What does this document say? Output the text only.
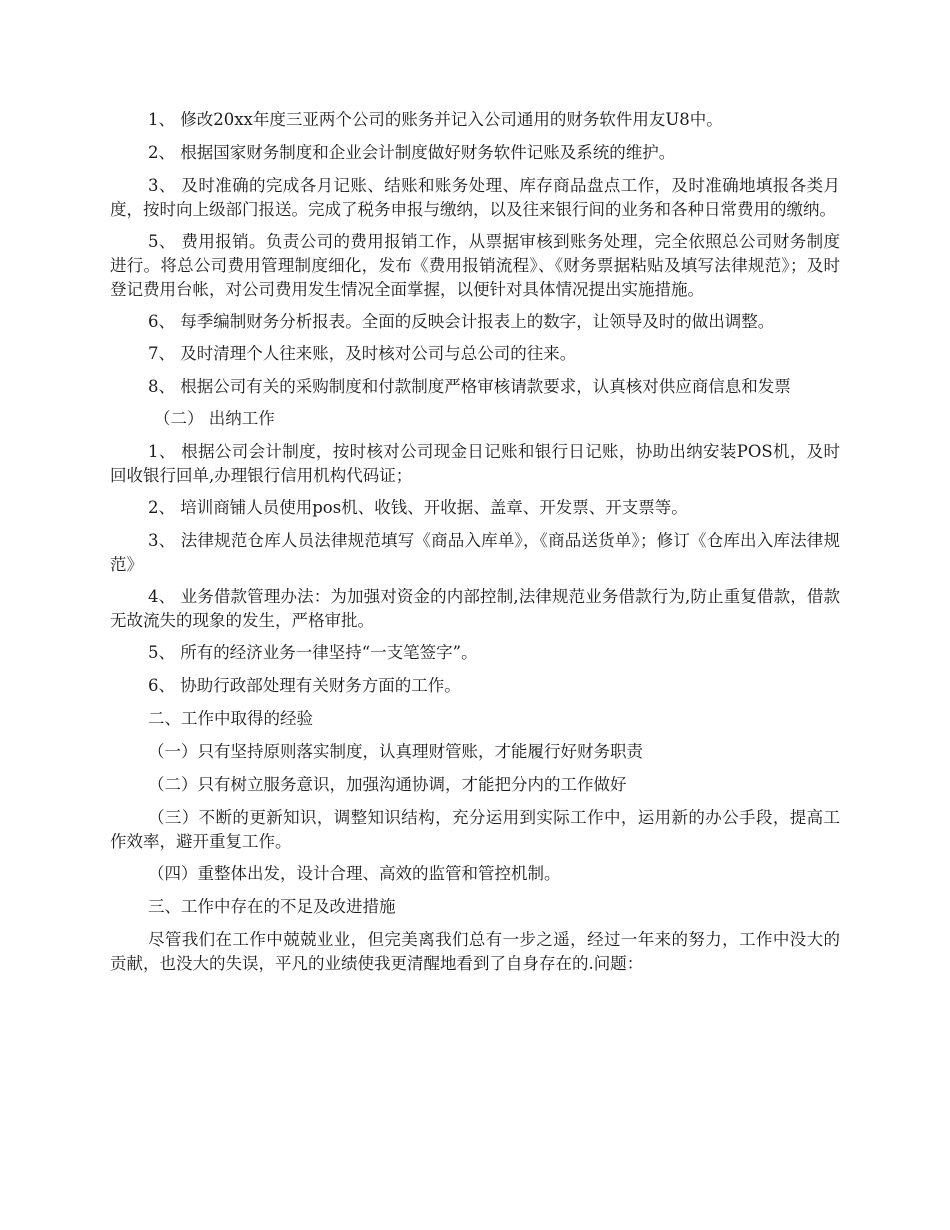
1、 修改20xx年度三亚两个公司的账务并记入公司通用的财务软件用友U8中。

2、 根据国家财务制度和企业会计制度做好财务软件记账及系统的维护。

3、 及时准确的完成各月记账、结账和账务处理、库存商品盘点工作，及时准确地填报各类月度，按时向上级部门报送。完成了税务申报与缴纳，以及往来银行间的业务和各种日常费用的缴纳。

5、 费用报销。负责公司的费用报销工作，从票据审核到账务处理，完全依照总公司财务制度进行。将总公司费用管理制度细化，发布《费用报销流程》、《财务票据粘贴及填写法律规范》；及时登记费用台帐，对公司费用发生情况全面掌握，以便针对具体情况提出实施措施。

6、 每季编制财务分析报表。全面的反映会计报表上的数字，让领导及时的做出调整。

7、 及时清理个人往来账，及时核对公司与总公司的往来。

8、 根据公司有关的采购制度和付款制度严格审核请款要求，认真核对供应商信息和发票

（二） 出纳工作

1、 根据公司会计制度，按时核对公司现金日记账和银行日记账，协助出纳安装POS机，及时回收银行回单,办理银行信用机构代码证；

2、 培训商铺人员使用pos机、收钱、开收据、盖章、开发票、开支票等。

3、 法律规范仓库人员法律规范填写《商品入库单》，《商品送货单》；修订《仓库出入库法律规范》

4、 业务借款管理办法：为加强对资金的内部控制,法律规范业务借款行为,防止重复借款，借款无故流失的现象的发生，严格审批。

5、 所有的经济业务一律坚持“一支笔签字”。

6、 协助行政部处理有关财务方面的工作。

二、工作中取得的经验

（一）只有坚持原则落实制度，认真理财管账，才能履行好财务职责

（二）只有树立服务意识，加强沟通协调，才能把分内的工作做好

（三）不断的更新知识，调整知识结构，充分运用到实际工作中，运用新的办公手段，提高工作效率，避开重复工作。

（四）重整体出发，设计合理、高效的监管和管控机制。

三、工作中存在的不足及改进措施

尽管我们在工作中兢兢业业，但完美离我们总有一步之遥，经过一年来的努力，工作中没大的贡献，也没大的失误，平凡的业绩使我更清醒地看到了自身存在的.问题：
